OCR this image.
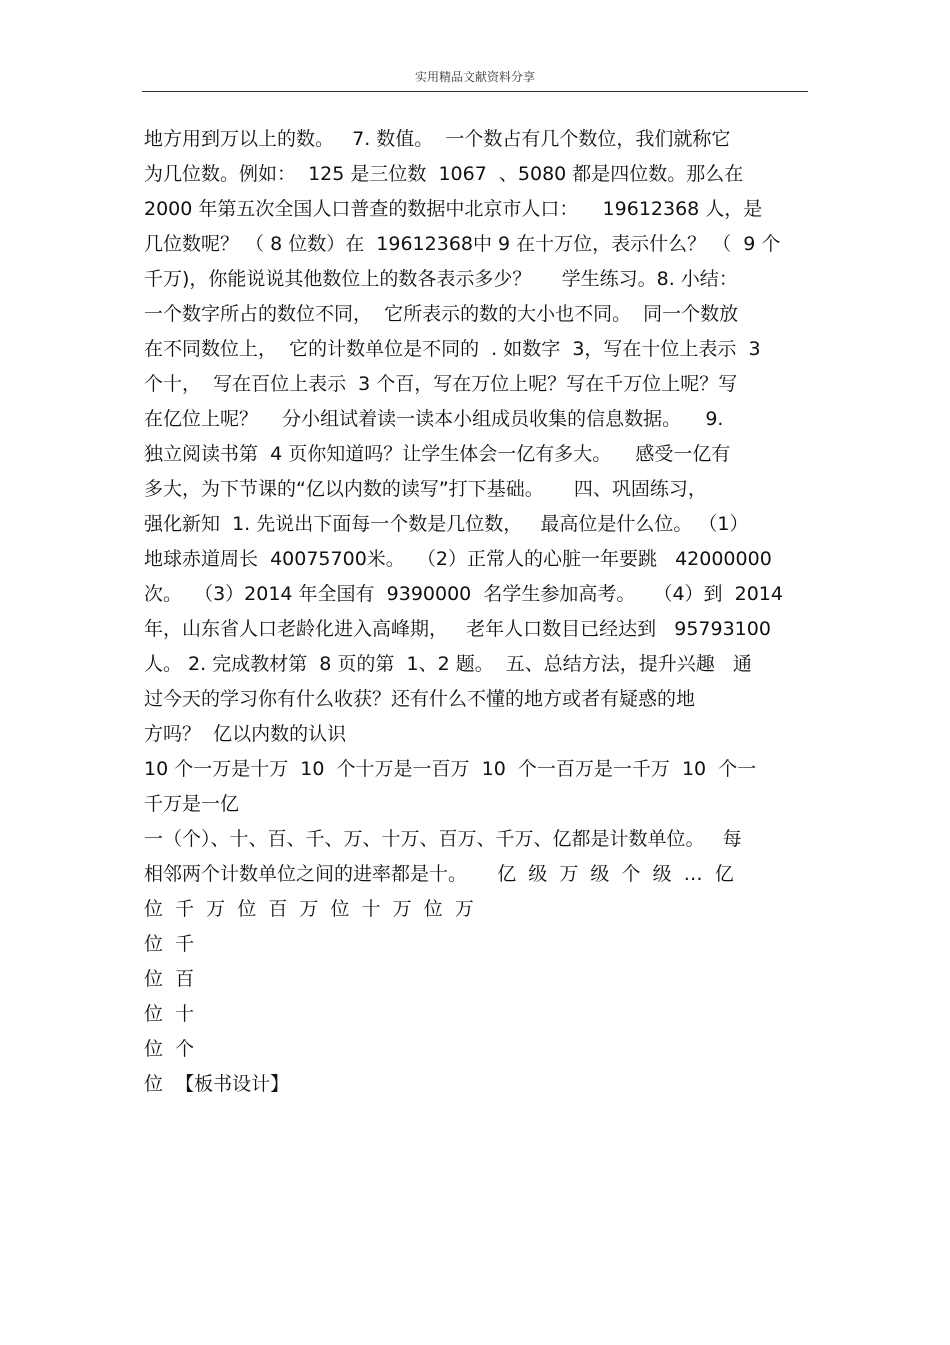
实用精品文献资料分享
地方用到万以上的数。   7. 数值。  一个数占有几个数位，我们就称它
为几位数。例如：  125 是三位数  1067  、5080 都是四位数。那么在
2000 年第五次全国人口普查的数据中北京市人口：    19612368 人，是
几位数呢？ （ 8 位数）在  19612368中 9 在十万位，表示什么？ （  9 个
千万)，你能说说其他数位上的数各表示多少？     学生练习。8. 小结：
一个数字所占的数位不同，  它所表示的数的大小也不同。  同一个数放
在不同数位上，  它的计数单位是不同的  . 如数字  3，写在十位上表示  3
个十，  写在百位上表示  3 个百，写在万位上呢？写在千万位上呢？写
在亿位上呢？    分小组试着读一读本小组成员收集的信息数据。    9.
独立阅读书第  4 页你知道吗？让学生体会一亿有多大。    感受一亿有
多大，为下节课的“亿以内数的读写”打下基础。     四、巩固练习，
强化新知  1. 先说出下面每一个数是几位数，   最高位是什么位。 （1）
地球赤道周长  40075700米。  （2）正常人的心脏一年要跳   42000000
次。  （3）2014 年全国有  9390000  名学生参加高考。   （4）到  2014
年，山东省人口老龄化进入高峰期，   老年人口数目已经达到   95793100
人。 2. 完成教材第  8 页的第  1、2 题。  五、总结方法，提升兴趣   通
过今天的学习你有什么收获？还有什么不懂的地方或者有疑惑的地
方吗？  亿以内数的认识
10 个一万是十万  10  个十万是一百万  10  个一百万是一千万  10  个一
千万是一亿
一（个）、十、百、千、万、十万、百万、千万、亿都是计数单位。   每
相邻两个计数单位之间的进率都是十。     亿  级  万  级  个  级  …  亿
位  千  万  位  百  万  位  十  万  位  万
位  千
位  百
位  十
位  个
位  【板书设计】
